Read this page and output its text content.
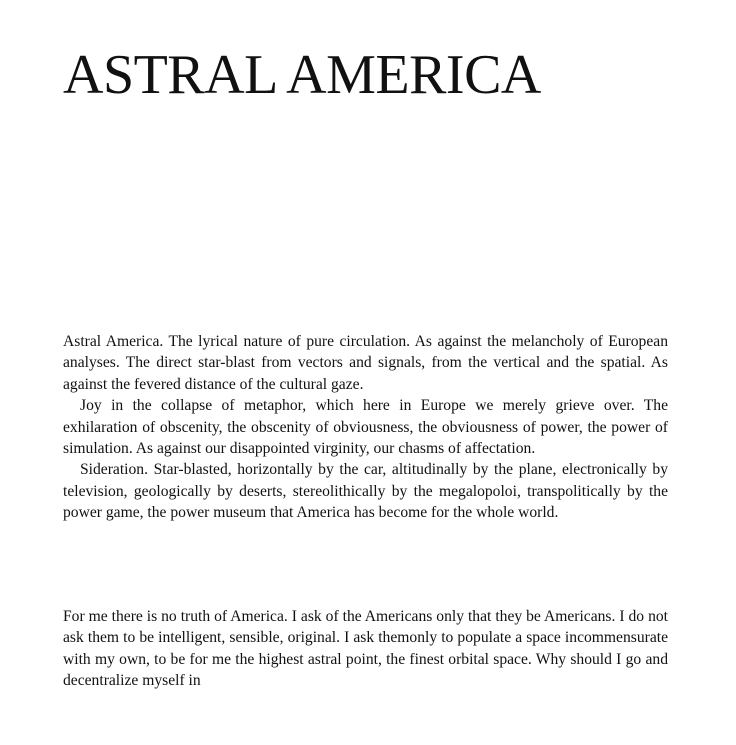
ASTRAL AMERICA

Astral America. The lyrical nature of pure circulation. As against the melancholy of European analyses. The direct star-blast from vectors and signals, from the vertical and the spatial. As against the fevered distance of the cultural gaze.

Joy in the collapse of metaphor, which here in Europe we merely grieve over. The exhilaration of obscenity, the obscenity of obviousness, the obviousness of power, the power of simulation. As against our disappointed virginity, our chasms of affectation.

Sideration. Star-blasted, horizontally by the car, altitudinally by the plane, electronically by television, geologically by deserts, stereolithically by the megalopoloi, transpolitically by the power game, the power museum that America has become for the whole world.

For me there is no truth of America. I ask of the Americans only that they be Americans. I do not ask them to be intelligent, sensible, original. I ask themonly to populate a space incommensurate with my own, to be for me the highest astral point, the finest orbital space. Why should I go and decentralize myself in
